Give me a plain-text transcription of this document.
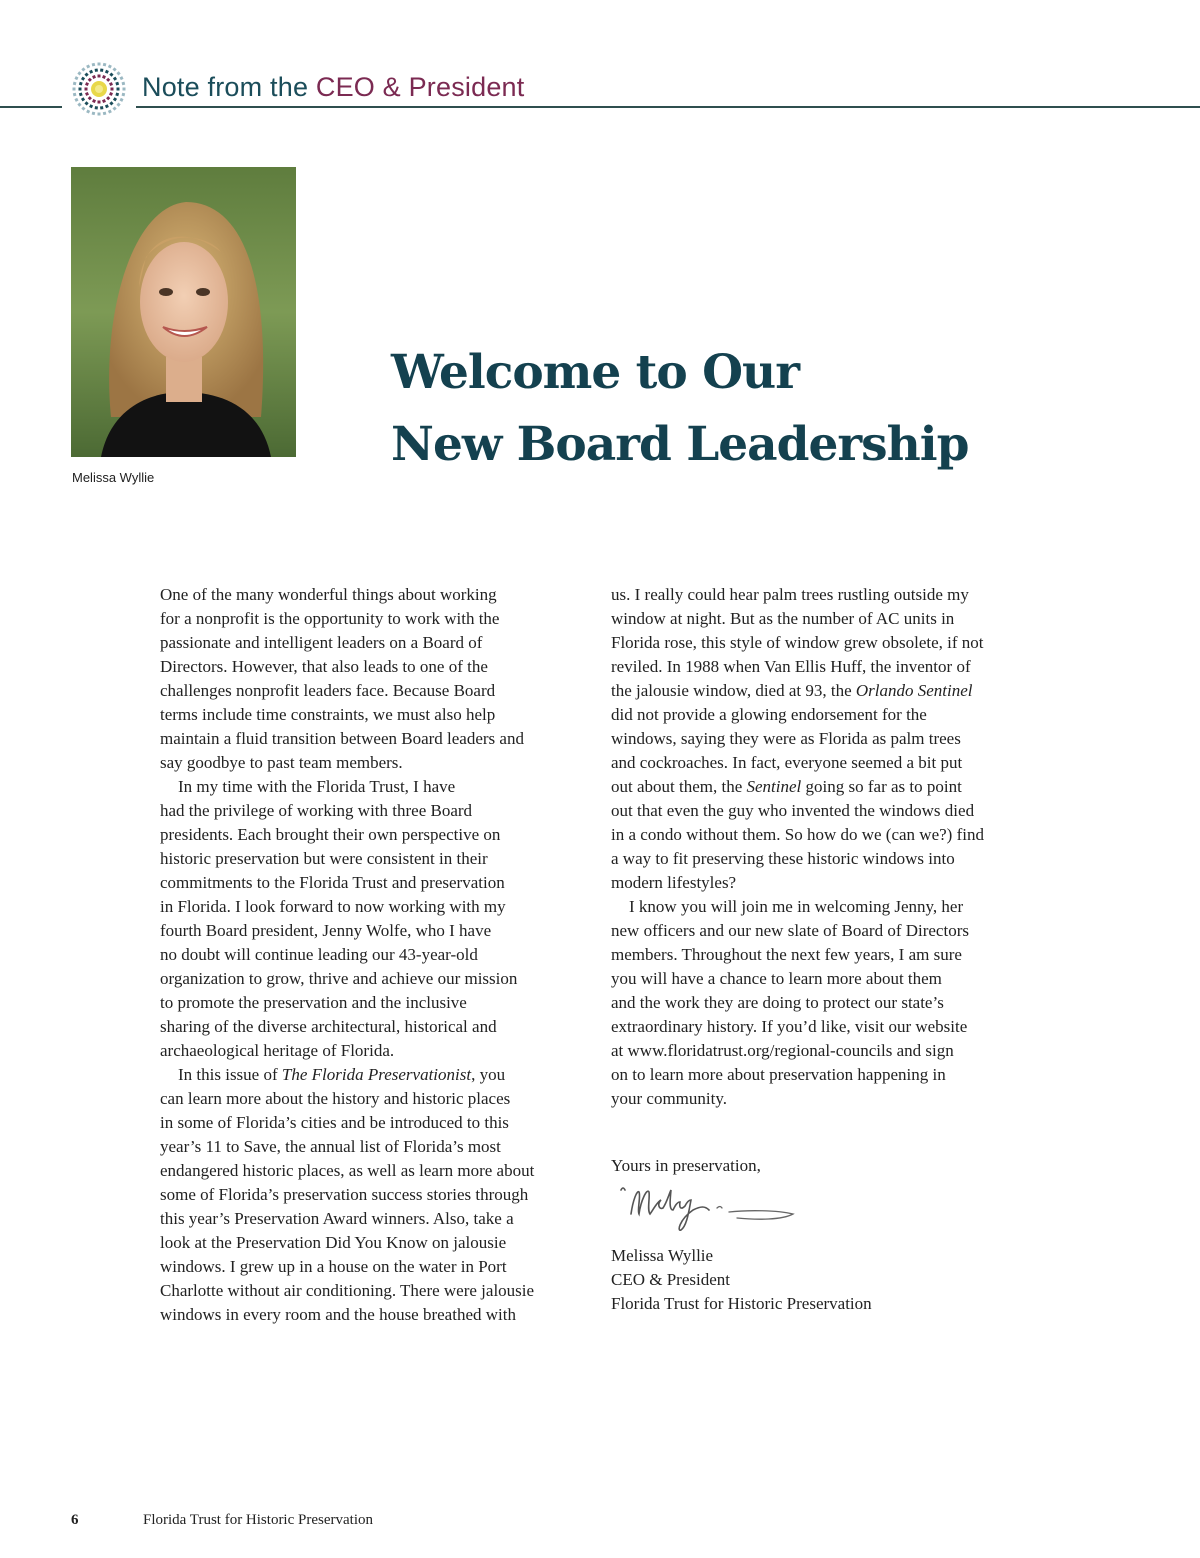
Note from the CEO & President
Melissa Wyllie
Welcome to Our
New Board Leadership
One of the many wonderful things about working
for a nonprofit is the opportunity to work with the
passionate and intelligent leaders on a Board of
Directors. However, that also leads to one of the
challenges nonprofit leaders face. Because Board
terms include time constraints, we must also help
maintain a fluid transition between Board leaders and
say goodbye to past team members.
In my time with the Florida Trust, I have
had the privilege of working with three Board
presidents. Each brought their own perspective on
historic preservation but were consistent in their
commitments to the Florida Trust and preservation
in Florida. I look forward to now working with my
fourth Board president, Jenny Wolfe, who I have
no doubt will continue leading our 43-year-old
organization to grow, thrive and achieve our mission
to promote the preservation and the inclusive
sharing of the diverse architectural, historical and
archaeological heritage of Florida.
In this issue of The Florida Preservationist, you
can learn more about the history and historic places
in some of Florida’s cities and be introduced to this
year’s 11 to Save, the annual list of Florida’s most
endangered historic places, as well as learn more about
some of Florida’s preservation success stories through
this year’s Preservation Award winners. Also, take a
look at the Preservation Did You Know on jalousie
windows. I grew up in a house on the water in Port
Charlotte without air conditioning. There were jalousie
windows in every room and the house breathed with
us. I really could hear palm trees rustling outside my
window at night. But as the number of AC units in
Florida rose, this style of window grew obsolete, if not
reviled. In 1988 when Van Ellis Huff, the inventor of
the jalousie window, died at 93, the Orlando Sentinel
did not provide a glowing endorsement for the
windows, saying they were as Florida as palm trees
and cockroaches. In fact, everyone seemed a bit put
out about them, the Sentinel going so far as to point
out that even the guy who invented the windows died
in a condo without them. So how do we (can we?) find
a way to fit preserving these historic windows into
modern lifestyles?
I know you will join me in welcoming Jenny, her
new officers and our new slate of Board of Directors
members. Throughout the next few years, I am sure
you will have a chance to learn more about them
and the work they are doing to protect our state’s
extraordinary history. If you’d like, visit our website
at www.floridatrust.org/regional-councils and sign
on to learn more about preservation happening in
your community.
Yours in preservation,
Melissa Wyllie
CEO & President
Florida Trust for Historic Preservation
6	Florida Trust for Historic Preservation
